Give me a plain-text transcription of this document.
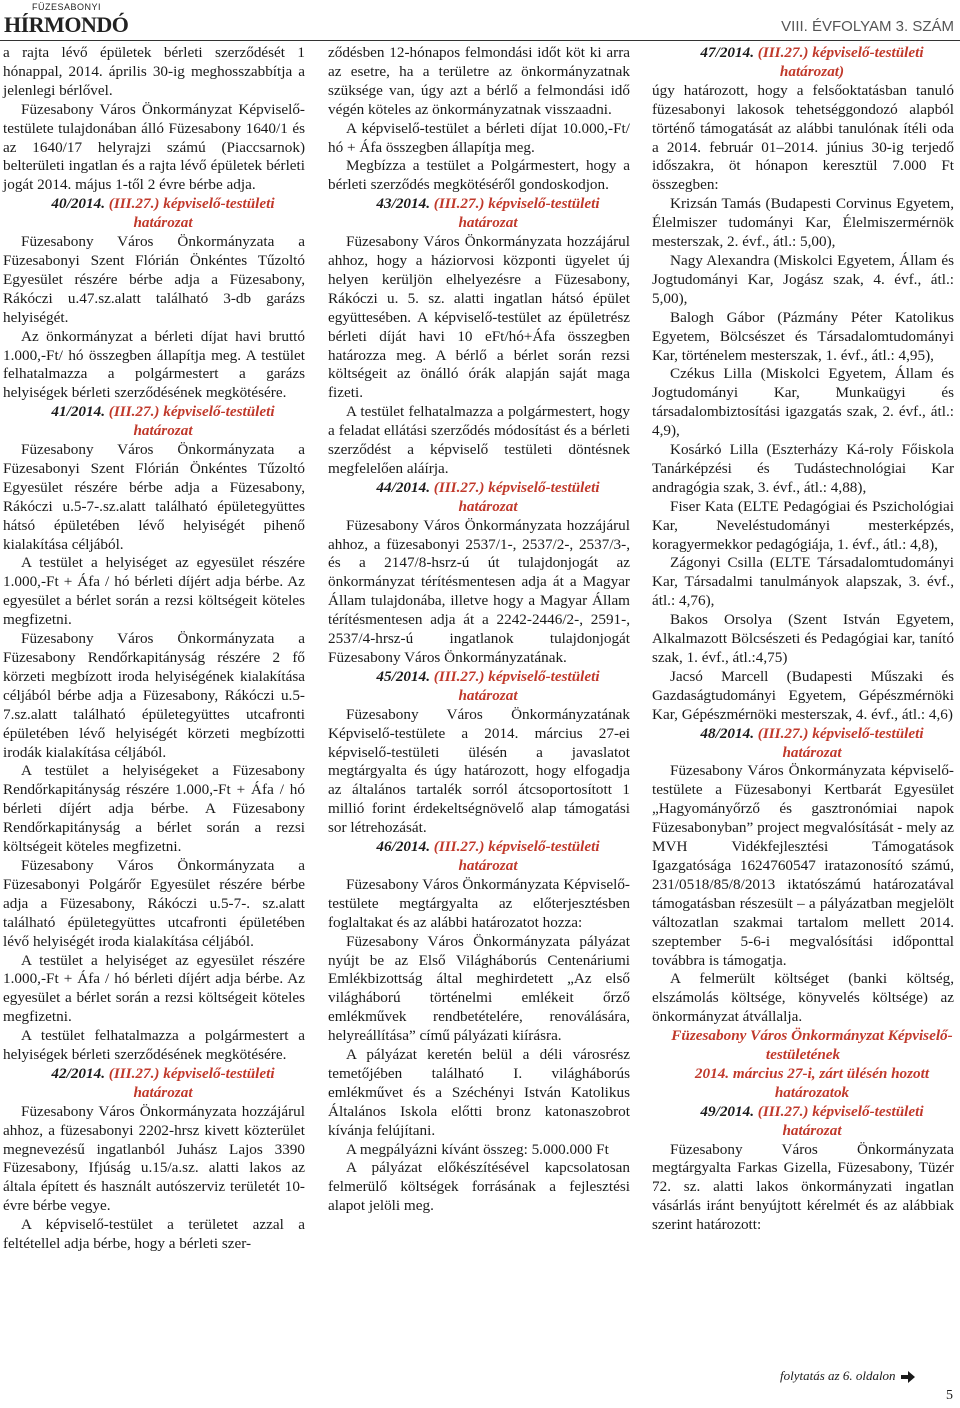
FÜZESABONYI
HÍRMONDÓ	VIII. ÉVFOLYAM 3. SZÁM

a rajta lévő épületek bérleti szerződését 1 hónappal, 2014. április 30-ig meghosszabbítja a jelenlegi bérlővel.

Füzesabony Város Önkormányzat Képviselő-testülete tulajdonában álló Füzesabony 1640/1 és az 1640/17 helyrajzi számú (Piaccsarnok) belterületi ingatlan és a rajta lévő épületek bérleti jogát 2014. május 1-től 2 évre bérbe adja.

40/2014. (III.27.) képviselő-testületi

határozat

Füzesabony Város Önkormányzata a Füzesabonyi Szent Flórián Önkéntes Tűzoltó Egyesület részére bérbe adja a Füzesabony, Rákóczi u.47.sz.alatt található 3-db garázs helyiségét.

Az önkormányzat a bérleti díjat havi bruttó 1.000,-Ft/ hó összegben állapítja meg. A testület felhatalmazza a polgármestert a garázs helyiségek bérleti szerződésének megkötésére.

41/2014. (III.27.) képviselő-testületi

határozat

Füzesabony Város Önkormányzata a Füzesabonyi Szent Flórián Önkéntes Tűzoltó Egyesület részére bérbe adja a Füzesabony, Rákóczi u.5-7-.sz.alatt található épületegyüttes hátsó épületében lévő helyiségét pihenő kialakítása céljából.

A testület a helyiséget az egyesület részére 1.000,-Ft + Áfa / hó bérleti díjért adja bérbe. Az egyesület a bérlet során a rezsi költségeit köteles megfizetni.

Füzesabony Város Önkormányzata a Füzesabony Rendőrkapitányság részére 2 fő körzeti megbízott iroda helyiségének kialakítása céljából bérbe adja a Füzesabony, Rákóczi u.5-7.sz.alatt található épületegyüttes utcafronti épületében lévő helyiségét körzeti megbízotti irodák kialakítása céljából.

A testület a helyiségeket a Füzesabony Rendőrkapitányság részére 1.000,-Ft + Áfa / hó bérleti díjért adja bérbe. A Füzesabony Rendőrkapitányság a bérlet során a rezsi költségeit köteles megfizetni.

Füzesabony Város Önkormányzata a Füzesabonyi Polgárőr Egyesület részére bérbe adja a Füzesabony, Rákóczi u.5-7-. sz.alatt található épületegyüttes utcafronti épületében lévő helyiségét iroda kialakítása céljából.

A testület a helyiséget az egyesület részére 1.000,-Ft + Áfa / hó bérleti díjért adja bérbe. Az egyesület a bérlet során a rezsi költségeit köteles megfizetni.

A testület felhatalmazza a polgármestert a helyiségek bérleti szerződésének megkötésére.

42/2014. (III.27.) képviselő-testületi

határozat

Füzesabony Város Önkormányzata hozzájárul ahhoz, a füzesabonyi 2202-hrsz kivett közterület megnevezésű ingatlanból Juhász Lajos 3390 Füzesabony, Ifjúság u.15/a.sz. alatti lakos az általa épített és használt autószerviz területét 10-évre bérbe vegye.

A képviselő-testület a területet azzal a feltétellel adja bérbe, hogy a bérleti szer-

ződésben 12-hónapos felmondási időt köt ki arra az esetre, ha a területre az önkormányzatnak szüksége van, úgy azt a bérlő a felmondási idő végén köteles az önkormányzatnak visszaadni.

A képviselő-testület a bérleti díjat 10.000,-Ft/ hó + Áfa összegben állapítja meg.

Megbízza a testület a Polgármestert, hogy a bérleti szerződés megkötéséről gondoskodjon.

43/2014. (III.27.) képviselő-testületi

határozat

Füzesabony Város Önkormányzata hozzájárul ahhoz, hogy a háziorvosi központi ügyelet új helyen kerüljön elhelyezésre a Füzesabony, Rákóczi u. 5. sz. alatti ingatlan hátsó épület együttesében. A képviselő-testület az épületrész bérleti díját havi 10 eFt/hó+Áfa összegben határozza meg. A bérlő a bérlet során rezsi költségeit az önálló órák alapján saját maga fizeti.

A testület felhatalmazza a polgármestert, hogy a feladat ellátási szerződés módosítást és a bérleti szerződést a képviselő testületi döntésnek megfelelően aláírja.

44/2014. (III.27.) képviselő-testületi

határozat

Füzesabony Város Önkormányzata hozzájárul ahhoz, a füzesabonyi 2537/1-, 2537/2-, 2537/3-, és a 2147/8-hsrz-ú út tulajdonjogát az önkormányzat térítésmentesen adja át a Magyar Állam tulajdonába, illetve hogy a Magyar Állam térítésmentesen adja át a 2242-2446/2-, 2591-, 2537/4-hrsz-ú ingatlanok tulajdonjogát Füzesabony Város Önkormányzatának.

45/2014. (III.27.) képviselő-testületi

határozat

Füzesabony Város Önkormányzatának Képviselő-testülete a 2014. március 27-ei képviselő-testületi ülésén a javaslatot megtárgyalta és úgy határozott, hogy elfogadja az általános tartalék sorról átcsoportosított 1 millió forint érdekeltségnövelő alap támogatási sor létrehozását.

46/2014. (III.27.) képviselő-testületi

határozat

Füzesabony Város Önkormányzata Képviselő-testülete megtárgyalta az előterjesztésben foglaltakat és az alábbi határozatot hozza:

Füzesabony Város Önkormányzata pályázat nyújt be az Első Világháborús Centenáriumi Emlékbizottság által meghirdetett „Az első világháború történelmi emlékeit őrző emlékművek rendbetételére, renoválására, helyreállítása” című pályázati kiírásra.

A pályázat keretén belül a déli városrész temetőjében található I. világháborús emlékművet és a Széchényi István Katolikus Általános Iskola előtti bronz katonaszobrot kívánja felújítani.

A megpályázni kívánt összeg: 5.000.000 Ft

A pályázat előkészítésével kapcsolatosan felmerülő költségek forrásának a fejlesztési alapot jelöli meg.

47/2014. (III.27.) képviselő-testületi

határozat)

úgy határozott, hogy a felsőoktatásban tanuló füzesabonyi lakosok tehetséggondozó alapból történő támogatását az alábbi tanulónak ítéli oda a 2014. február 01–2014. június 30-ig terjedő időszakra, öt hónapon keresztül 7.000 Ft összegben:

Krizsán Tamás (Budapesti Corvinus Egyetem, Élelmiszer tudományi Kar, Élelmiszermérnök mesterszak, 2. évf., átl.: 5,00),

Nagy Alexandra (Miskolci Egyetem, Állam és Jogtudományi Kar, Jogász szak, 4. évf., átl.: 5,00),

Balogh Gábor (Pázmány Péter Katolikus Egyetem, Bölcsészet és Társadalomtudományi Kar, történelem mesterszak, 1. évf., átl.: 4,95),

Czékus Lilla (Miskolci Egyetem, Állam és Jogtudományi Kar, Munkaügyi és társadalombiztosítási igazgatás szak, 2. évf., átl.: 4,9),

Kosárkó Lilla (Eszterházy Ká-roly Főiskola Tanárképzési és Tudástechnológiai Kar andragógia szak, 3. évf., átl.: 4,88),

Fiser Kata (ELTE Pedagógiai és Pszichológiai Kar, Neveléstudományi mesterképzés, koragyermekkor pedagógiája, 1. évf., átl.: 4,8),

Zágonyi Csilla (ELTE Társadalomtudományi Kar, Társadalmi tanulmányok alapszak, 3. évf., átl.: 4,76),

Bakos Orsolya (Szent István Egyetem, Alkalmazott Bölcsészeti és Pedagógiai kar, tanító szak, 1. évf., átl.:4,75)

Jacsó Marcell (Budapesti Műszaki és Gazdaságtudományi Egyetem, Gépészmérnöki Kar, Gépészmérnöki mesterszak, 4. évf., átl.: 4,6)

48/2014. (III.27.) képviselő-testületi

határozat

Füzesabony Város Önkormányzata képviselő-testülete a Füzesabonyi Kertbarát Egyesület „Hagyományőrző és gasztronómiai napok Füzesabonyban” project megvalósítását - mely az MVH Vidékfejlesztési Támogatások Igazgatósága 1624760547 iratazonosító számú, 231/0518/85/8/2013 iktatószámú határozatával támogatásban részesült – a pályázatban megjelölt változatlan szakmai tartalom mellett 2014. szeptember 5-6-i megvalósítási időponttal továbbra is támogatja.

A felmerült költséget (banki költség, elszámolás költsége, könyvelés költsége) az önkormányzat átvállalja.

Füzesabony Város Önkormányzat Képviselő-testületének

2014. március 27-i, zárt ülésén hozott

határozatok

49/2014. (III.27.) képviselő-testületi

határozat

Füzesabony Város Önkormányzata megtárgyalta Farkas Gizella, Füzesabony, Tüzér 72. sz. alatti lakos önkormányzati ingatlan vásárlás iránt benyújtott kérelmét és az alábbiak szerint határozott:

folytatás az 6. oldalon
5
